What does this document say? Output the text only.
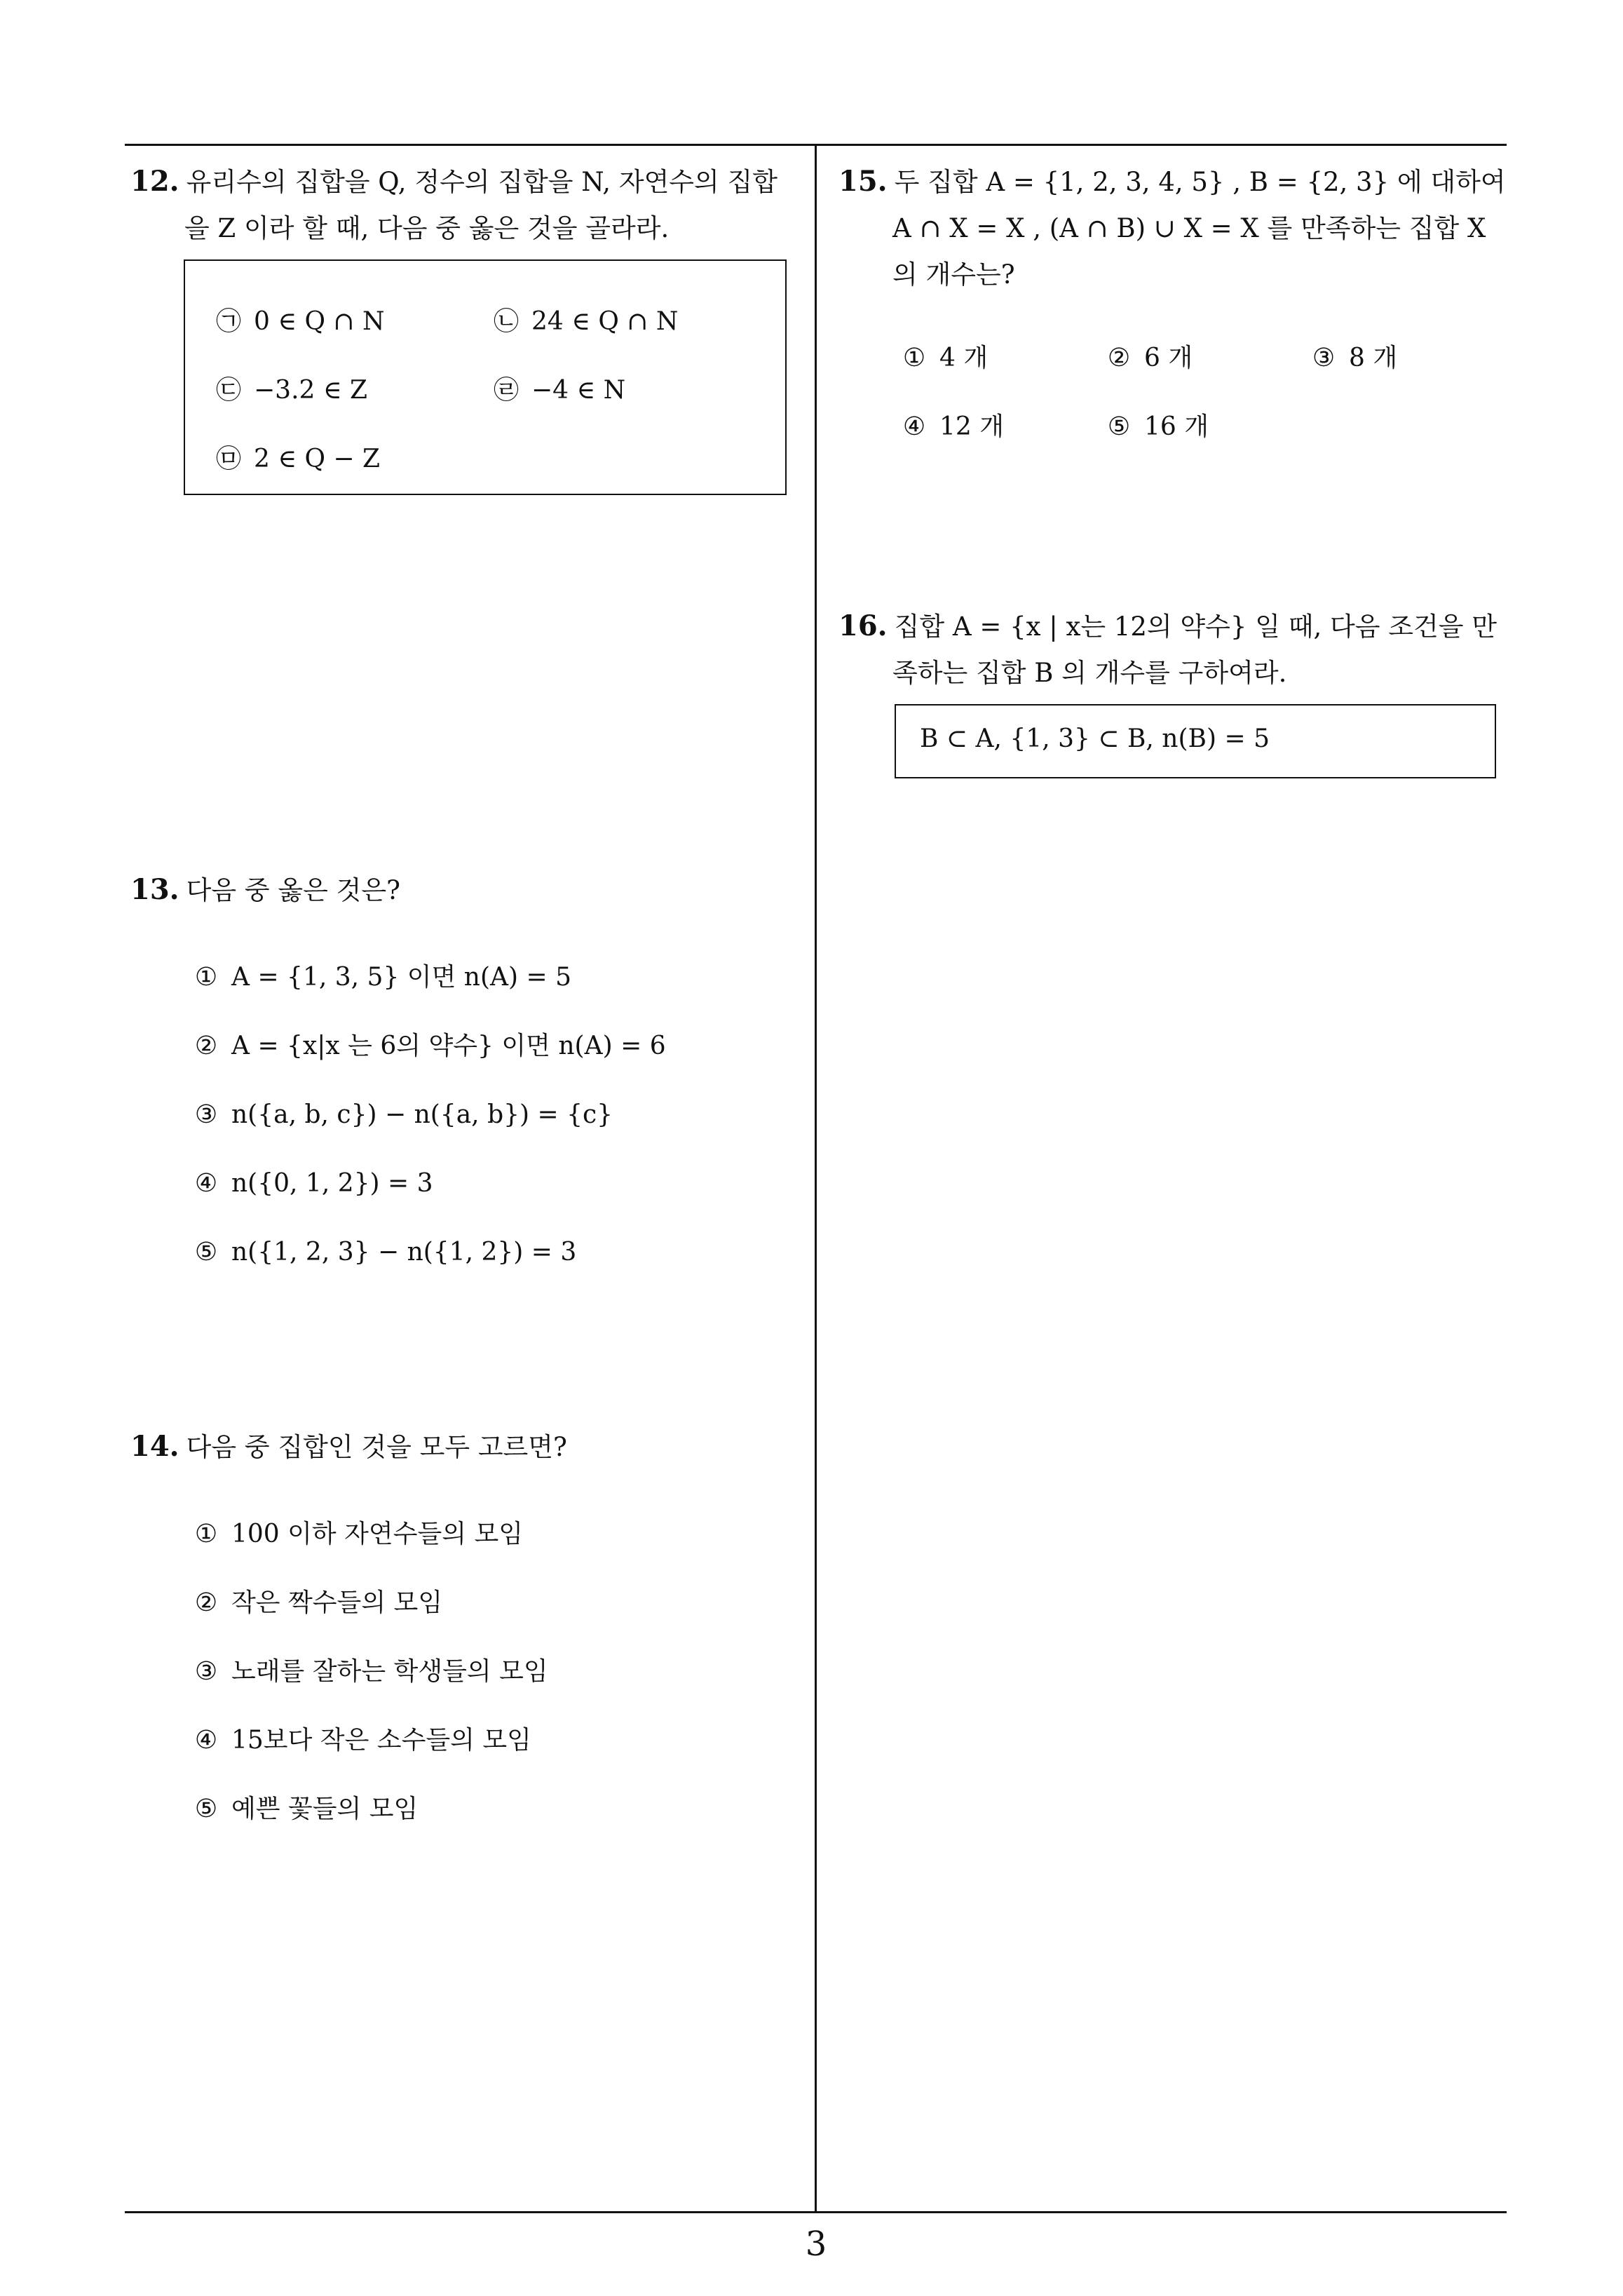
12. 유리수의 집합을 Q, 정수의 집합을 N, 자연수의 집합
을 Z 이라 할 때, 다음 중 옳은 것을 골라라.
㉠ 0 ∈ Q ∩ N	㉡ 24 ∈ Q ∩ N
㉢ −3.2 ∈ Z	㉣ −4 ∈ N
㉤ 2 ∈ Q − Z
13. 다음 중 옳은 것은?
① A = {1, 3, 5} 이면 n(A) = 5
② A = {x|x 는 6의 약수} 이면 n(A) = 6
③ n({a, b, c}) − n({a, b}) = {c}
④ n({0, 1, 2}) = 3
⑤ n({1, 2, 3} − n({1, 2}) = 3
14. 다음 중 집합인 것을 모두 고르면?
① 100 이하 자연수들의 모임
② 작은 짝수들의 모임
③ 노래를 잘하는 학생들의 모임
④ 15보다 작은 소수들의 모임
⑤ 예쁜 꽃들의 모임
15. 두 집합 A = {1, 2, 3, 4, 5} , B = {2, 3} 에 대하여
A ∩ X = X , (A ∩ B) ∪ X = X 를 만족하는 집합 X
의 개수는?
① 4 개	② 6 개	③ 8 개
④ 12 개	⑤ 16 개
16. 집합 A = {x | x는 12의 약수} 일 때, 다음 조건을 만
족하는 집합 B 의 개수를 구하여라.
B ⊂ A, {1, 3} ⊂ B, n(B) = 5
3
